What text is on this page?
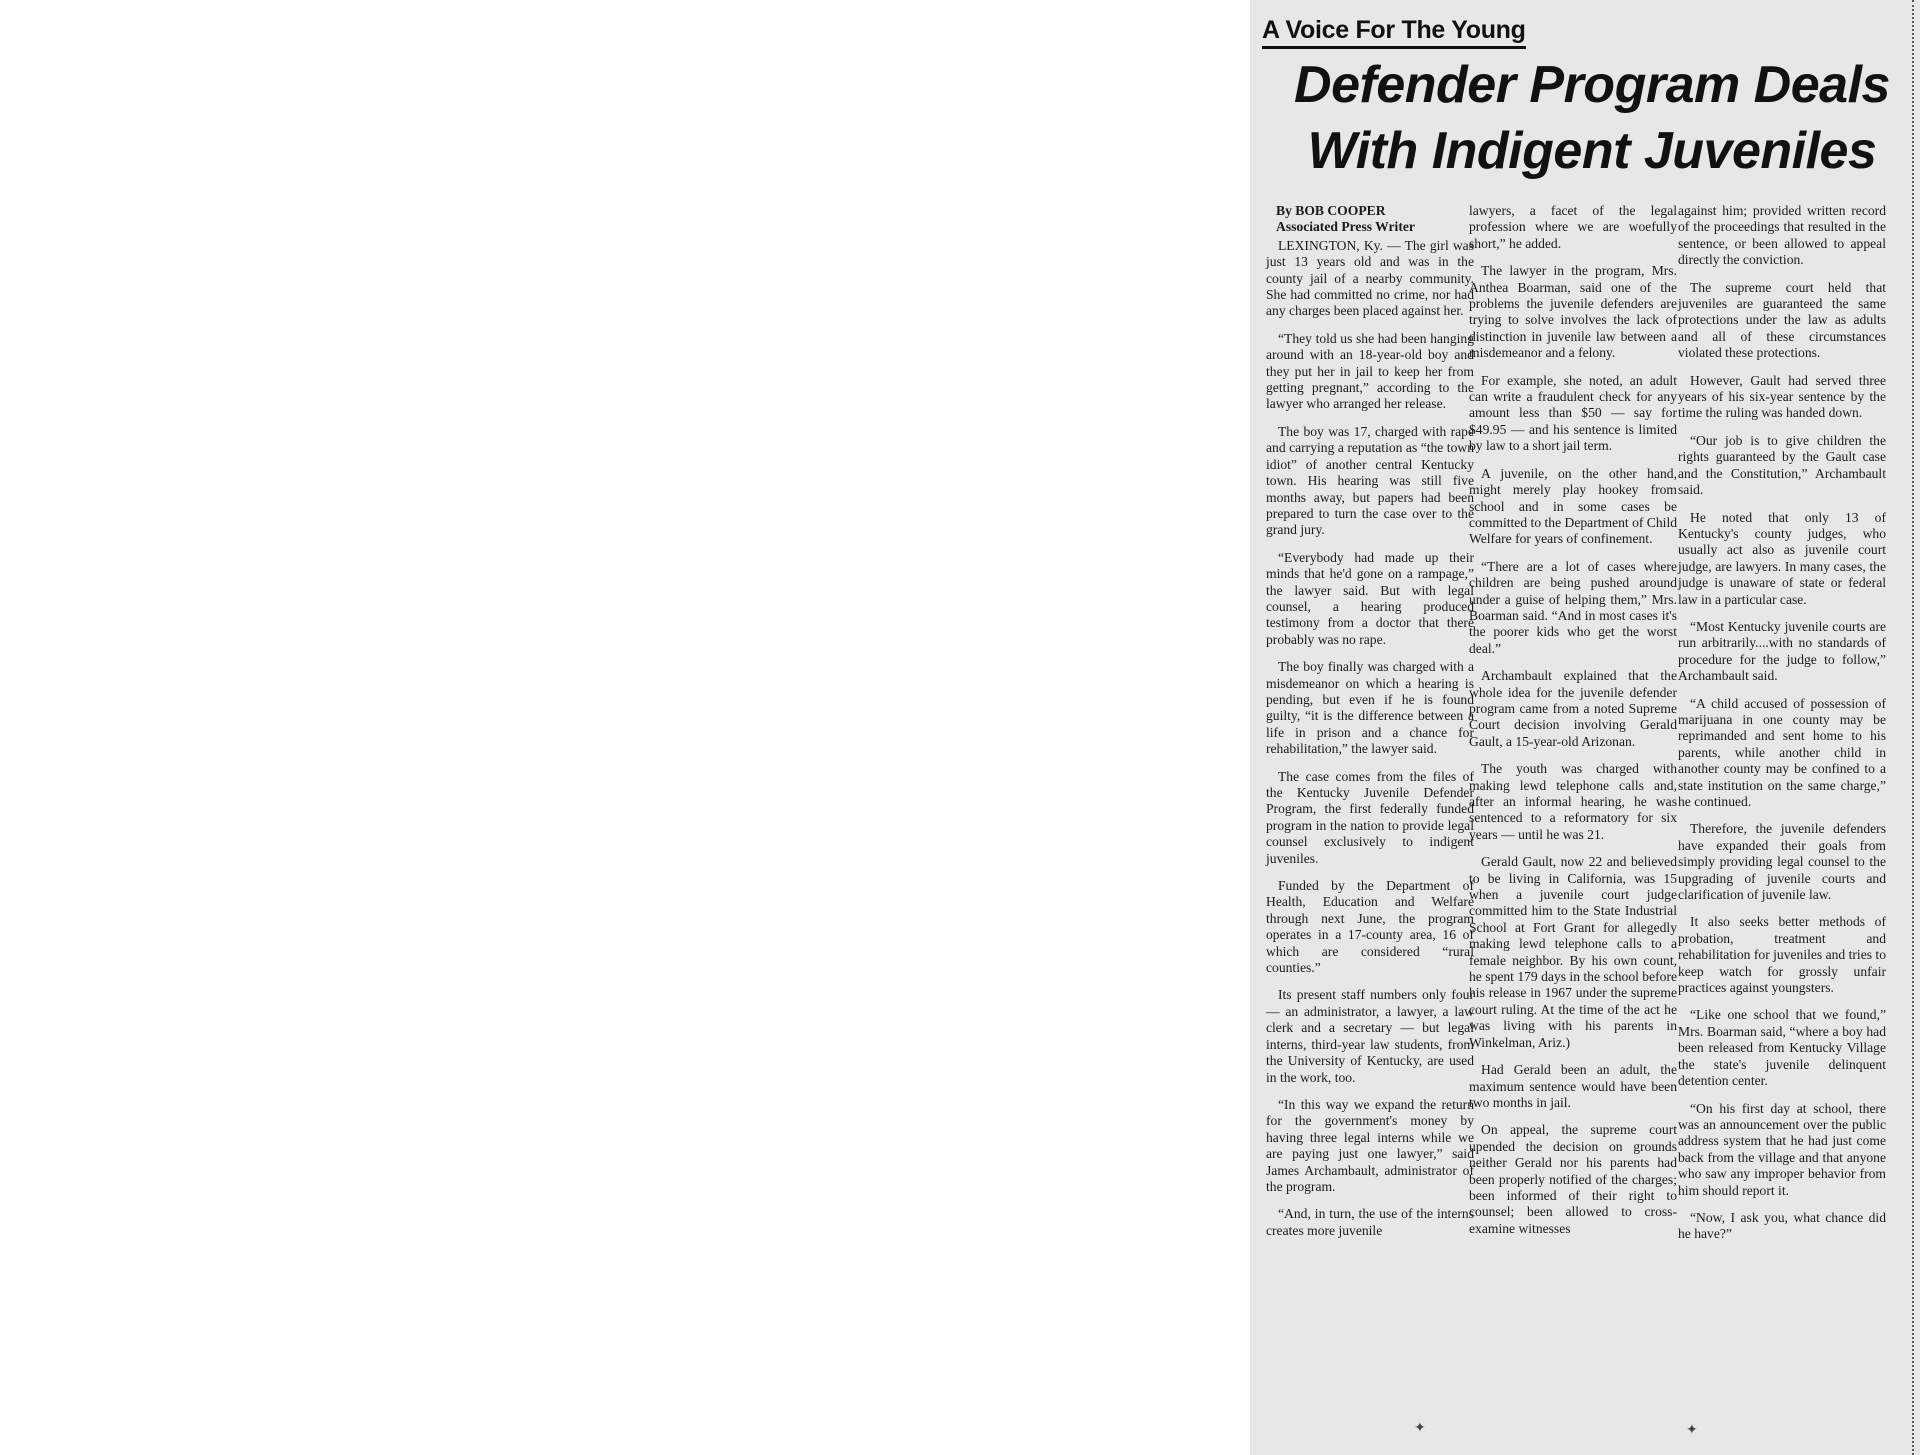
A Voice For The Young
Defender Program Deals With Indigent Juveniles

By BOB COOPER

Associated Press Writer

LEXINGTON, Ky. — The girl was just 13 years old and was in the county jail of a nearby community. She had committed no crime, nor had any charges been placed against her.

“They told us she had been hanging around with an 18-year-old boy and they put her in jail to keep her from getting pregnant,” according to the lawyer who arranged her release.

The boy was 17, charged with rape and carrying a reputation as “the town idiot” of another central Kentucky town. His hearing was still five months away, but papers had been prepared to turn the case over to the grand jury.

“Everybody had made up their minds that he'd gone on a rampage,” the lawyer said. But with legal counsel, a hearing produced testimony from a doctor that there probably was no rape.

The boy finally was charged with a misdemeanor on which a hearing is pending, but even if he is found guilty, “it is the difference between a life in prison and a chance for rehabilitation,” the lawyer said.

The case comes from the files of the Kentucky Juvenile Defender Program, the first federally funded program in the nation to provide legal counsel exclusively to indigent juveniles.

Funded by the Department of Health, Education and Welfare through next June, the program operates in a 17-county area, 16 of which are considered “rural counties.”

Its present staff numbers only four — an administrator, a lawyer, a law clerk and a secretary — but legal interns, third-year law students, from the University of Kentucky, are used in the work, too.

“In this way we expand the return for the government's money by having three legal interns while we are paying just one lawyer,” said James Archambault, administrator of the program.

“And, in turn, the use of the interns creates more juvenile

lawyers, a facet of the legal profession where we are woefully short,” he added.

The lawyer in the program, Mrs. Anthea Boarman, said one of the problems the juvenile defenders are trying to solve involves the lack of distinction in juvenile law between a misdemeanor and a felony.

For example, she noted, an adult can write a fraudulent check for any amount less than $50 — say for $49.95 — and his sentence is limited by law to a short jail term.

A juvenile, on the other hand, might merely play hookey from school and in some cases be committed to the Department of Child Welfare for years of confinement.

“There are a lot of cases where children are being pushed around under a guise of helping them,” Mrs. Boarman said. “And in most cases it's the poorer kids who get the worst deal.”

Archambault explained that the whole idea for the juvenile defender program came from a noted Supreme Court decision involving Gerald Gault, a 15-year-old Arizonan.

The youth was charged with making lewd telephone calls and, after an informal hearing, he was sentenced to a reformatory for six years — until he was 21.

Gerald Gault, now 22 and believed to be living in California, was 15 when a juvenile court judge committed him to the State Industrial School at Fort Grant for allegedly making lewd telephone calls to a female neighbor. By his own count, he spent 179 days in the school before his release in 1967 under the supreme court ruling. At the time of the act he was living with his parents in Winkelman, Ariz.)

Had Gerald been an adult, the maximum sentence would have been two months in jail.

On appeal, the supreme court upended the decision on grounds neither Gerald nor his parents had been properly notified of the charges; been informed of their right to counsel; been allowed to cross-examine witnesses

against him; provided written record of the proceedings that resulted in the sentence, or been allowed to appeal directly the conviction.

The supreme court held that juveniles are guaranteed the same protections under the law as adults and all of these circumstances violated these protections.

However, Gault had served three years of his six-year sentence by the time the ruling was handed down.

“Our job is to give children the rights guaranteed by the Gault case and the Constitution,” Archambault said.

He noted that only 13 of Kentucky's county judges, who usually act also as juvenile court judge, are lawyers. In many cases, the judge is unaware of state or federal law in a particular case.

“Most Kentucky juvenile courts are run arbitrarily....with no standards of procedure for the judge to follow,” Archambault said.

“A child accused of possession of marijuana in one county may be reprimanded and sent home to his parents, while another child in another county may be confined to a state institution on the same charge,” he continued.

Therefore, the juvenile defenders have expanded their goals from simply providing legal counsel to the upgrading of juvenile courts and clarification of juvenile law.

It also seeks better methods of probation, treatment and rehabilitation for juveniles and tries to keep watch for grossly unfair practices against youngsters.

“Like one school that we found,” Mrs. Boarman said, “where a boy had been released from Kentucky Village the state's juvenile delinquent detention center.

“On his first day at school, there was an announcement over the public address system that he had just come back from the village and that anyone who saw any improper behavior from him should report it.

“Now, I ask you, what chance did he have?”

✦	✦
